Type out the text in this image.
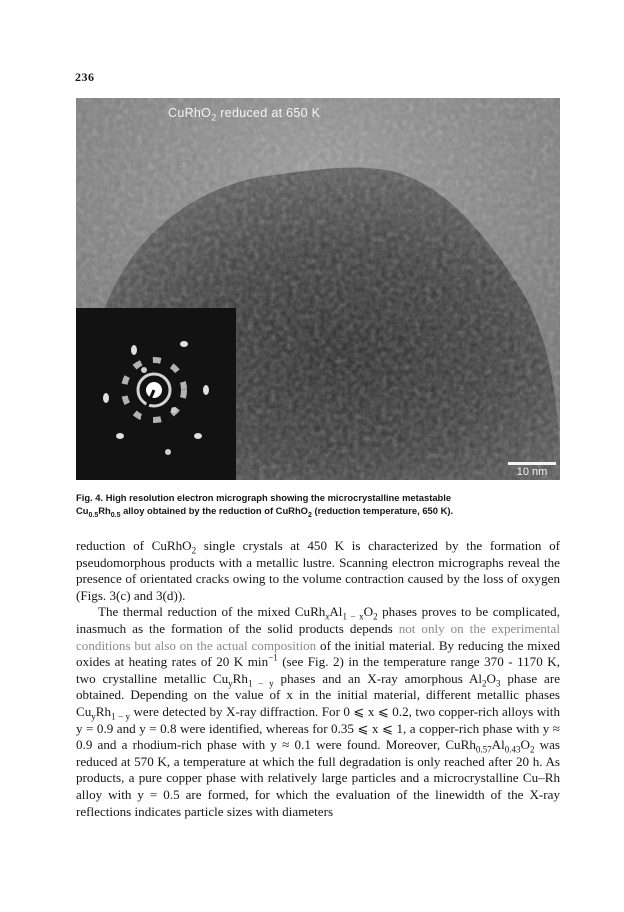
236
CuRhO$_2$ reduced at 650 K
10 nm

Fig. 4. High resolution electron micrograph showing the microcrystalline metastable

$Cu_{0.5}Rh_{0.5}$ alloy obtained by the reduction of CuRhO$_2$ (reduction temperature, 650 K).

reduction of CuRhO$_2$ single crystals at 450 K is characterized by the formation of pseudomorphous products with a metallic lustre. Scanning electron micrographs reveal the presence of orientated cracks owing to the volume contraction caused by the loss of oxygen (Figs. 3(c) and 3(d)).

The thermal reduction of the mixed $CuRh_xAl_{1 - x}O_2$ phases proves to be complicated, inasmuch as the formation of the solid products depends not only on the experimental conditions but also on the actual composition of the initial material. By reducing the mixed oxides at heating rates of 20 K $\min^{-1} (see$ Fig. 2) in the temperature range 370 - 1170 K, two crystalline metallic $Cu_yRh_{1 - y}$ phases and an X-ray amorphous $Al_2O_3$ phase are obtained. Depending on the value of x in the initial material, different metallic phases $Cu_yRh_{1 - y}$ were detected by X-ray diffraction. For 0 ⩽ x ⩽ 0.2, two copper-rich alloys with y = 0.9 and y = 0.8 were identified, whereas for 0.35 ⩽ x ⩽ 1, a copper-rich phase with y ≈ 0.9 and a rhodium-rich phase with y ≈ 0.1 were found. Moreover, $CuRh_{0.57}Al_{0.43}O_2$ was reduced at 570 K, a temperature at which the full degradation is only reached after 20 h. As products, a pure copper phase with relatively large particles and a microcrystalline Cu–Rh alloy with y = 0.5 are formed, for which the evaluation of the linewidth of the X-ray reflections indicates particle sizes with diameters
